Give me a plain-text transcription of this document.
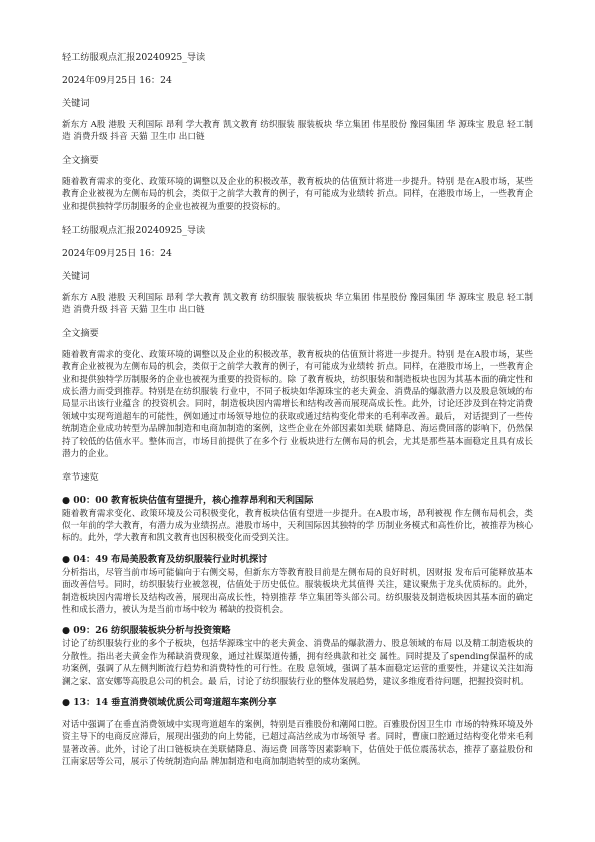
轻工纺服观点汇报20240925_导读

2024年09月25日 16：24

关键词

新东方 A股 港股 天利国际 昂利 学大教育 凯文教育 纺织服装 服装板块 华立集团 伟星股份 豫园集团 华 源珠宝 股息 轻工制造 消费升级 抖音 天猫 卫生巾 出口链

全文摘要

随着教育需求的变化、政策环境的调整以及企业的积极改革，教育板块的估值预计将进一步提升。特别 是在A股市场，某些教育企业被视为左侧布局的机会，类似于之前学大教育的例子，有可能成为业绩转 折点。同样，在港股市场上，一些教育企业和提供独特学历制服务的企业也被视为重要的投资标的。

轻工纺服观点汇报20240925_导读

2024年09月25日 16：24

关键词

新东方 A股 港股 天利国际 昂利 学大教育 凯文教育 纺织服装 服装板块 华立集团 伟星股份 豫园集团 华 源珠宝 股息 轻工制造 消费升级 抖音 天猫 卫生巾 出口链

全文摘要

随着教育需求的变化、政策环境的调整以及企业的积极改革，教育板块的估值预计将进一步提升。特别 是在A股市场，某些教育企业被视为左侧布局的机会，类似于之前学大教育的例子，有可能成为业绩转 折点。同样，在港股市场上，一些教育企业和提供独特学历制服务的企业也被视为重要的投资标的。除 了教育板块，纺织服装和制造板块也因为其基本面的确定性和成长潜力而受到推荐。特别是在纺织服装 行业中，不同子板块如华源珠宝的老夫黄金、消费品的爆款潜力以及股息领域的布局显示出该行业蕴含 的投资机会。同时，制造板块因内需增长和结构改善而展现高成长性。此外，讨论还涉及到在特定消费 领域中实现弯道超车的可能性，例如通过市场领导地位的获取或通过结构变化带来的毛利率改善。最后， 对话提到了一些传统制造企业成功转型为品牌加制造和电商加制造的案例，这些企业在外部因素如美联 储降息、海运费回落的影响下，仍然保持了较低的估值水平。整体而言，市场目前提供了在多个行 业板块进行左侧布局的机会，尤其是那些基本面稳定且具有成长潜力的企业。

章节速览

● 00：00 教育板块估值有望提升，核心推荐昂利和天利国际

随着教育需求变化、政策环境及公司积极变化，教育板块估值有望进一步提升。在A股市场，昂利被视 作左侧布局机会，类似一年前的学大教育，有潜力成为业绩拐点。港股市场中，天利国际因其独特的学 历制业务模式和高性价比，被推荐为核心标的。此外，学大教育和凯文教育也因积极变化而受到关注。

● 04：49 布局美股教育及纺织服装行业时机探讨

分析指出，尽管当前市场可能偏向于右侧交易，但新东方等教育股目前是左侧布局的良好时机，因财报 发布后可能释放基本面改善信号。同时，纺织服装行业被忽视，估值处于历史低位。服装板块尤其值得 关注，建议聚焦于龙头优质标的。此外，制造板块因内需增长及结构改善，展现出高成长性，特别推荐 华立集团等头部公司。纺织服装及制造板块因其基本面的确定性和成长潜力，被认为是当前市场中较为 稀缺的投资机会。

● 09：26 纺织服装板块分析与投资策略

讨论了纺织服装行业的多个子板块，包括华源珠宝中的老夫黄金、消费品的爆款潜力、股息领域的布局 以及精工制造板块的分散性。指出老夫黄金作为稀缺消费现象，通过社媒渠道传播，拥有经典款和社交 属性。同时提及了spending保温杯的成功案例，强调了从左侧判断流行趋势和消费特性的可行性。在股 息领域，强调了基本面稳定运营的重要性，并建议关注如海澜之家、富安娜等高股息公司的机会。最 后，讨论了纺织服装行业的整体发展趋势，建议多维度看待问题，把握投资时机。

● 13：14 垂直消费领域优质公司弯道超车案例分享

对话中强调了在垂直消费领域中实现弯道超车的案例，特别是百雅股份和潮闻口腔。百雅股份因卫生巾 市场的特殊环境及外资主导下的电商反应滞后，展现出强劲的向上势能，已超过高洁丝成为市场领导 者。同时，曹康口腔通过结构变化带来毛利显著改善。此外，讨论了出口链板块在美联储降息、海运费 回落等因素影响下，估值处于低位震荡状态，推荐了嘉益股份和江南家居等公司，展示了传统制造向品 牌加制造和电商加制造转型的成功案例。
